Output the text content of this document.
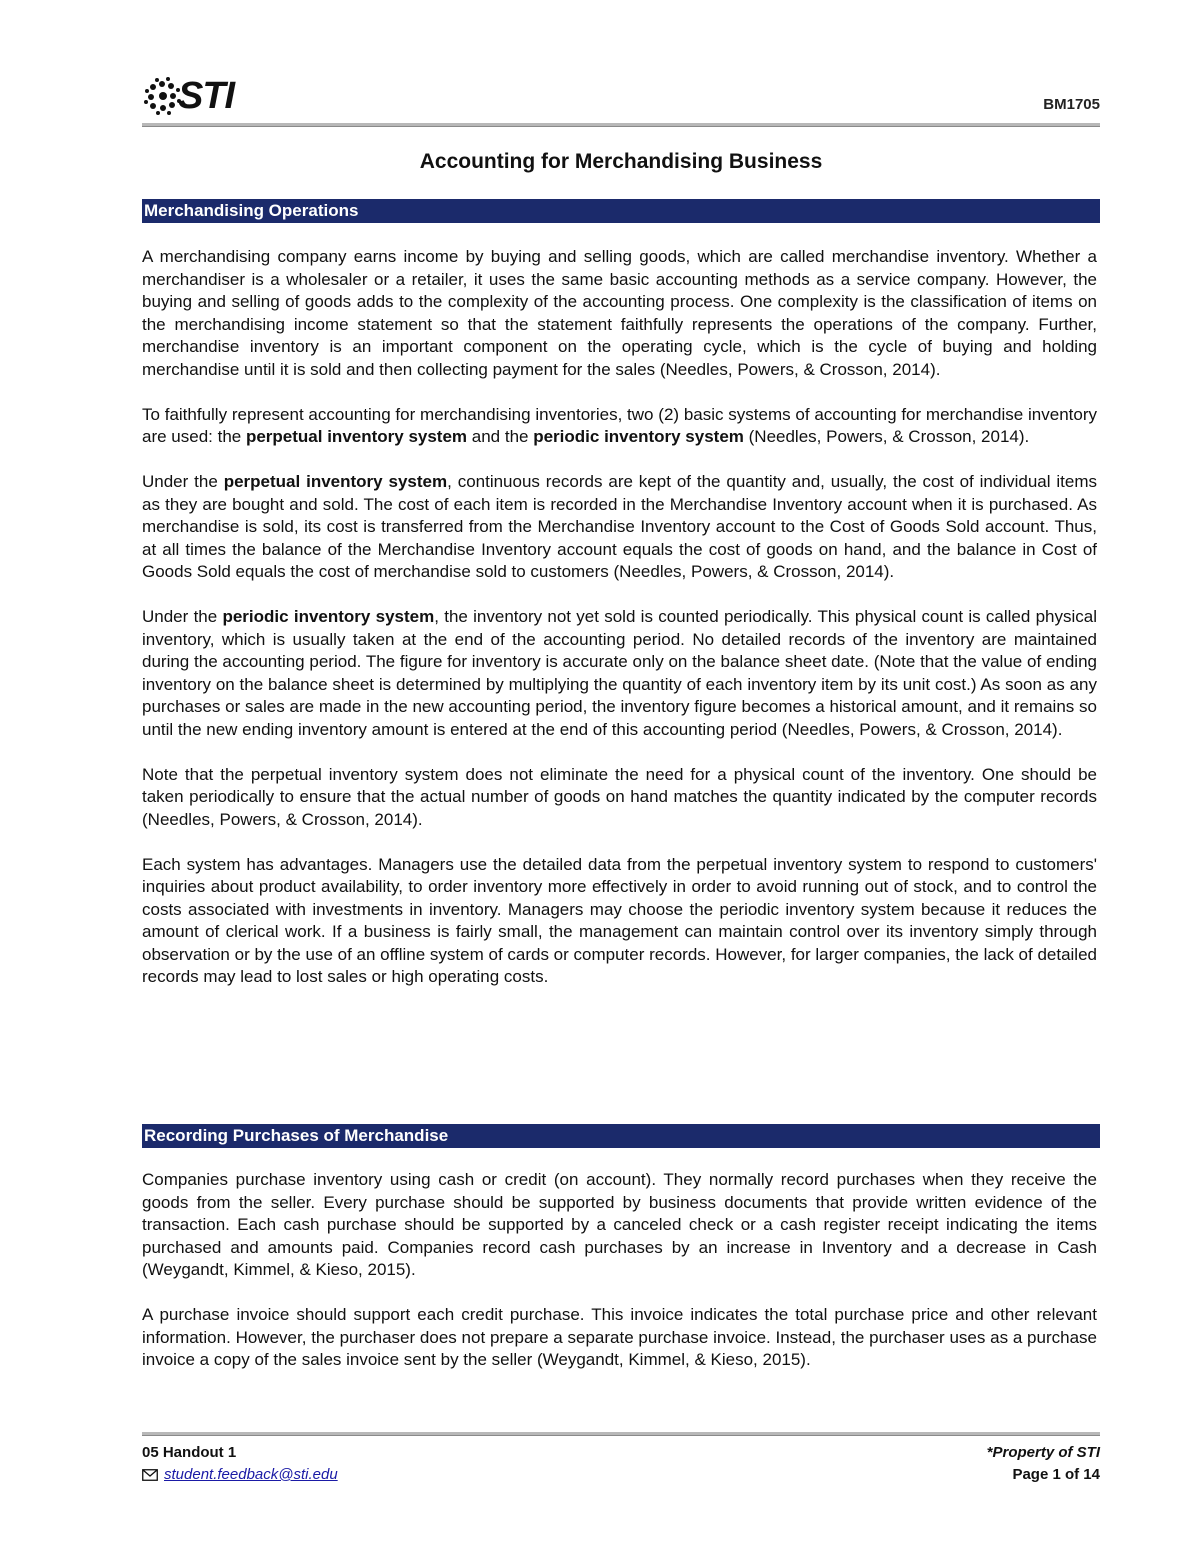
STI	BM1705
Accounting for Merchandising Business
Merchandising Operations

A merchandising company earns income by buying and selling goods, which are called merchandise inventory. Whether a merchandiser is a wholesaler or a retailer, it uses the same basic accounting methods as a service company. However, the buying and selling of goods adds to the complexity of the accounting process. One complexity is the classification of items on the merchandising income statement so that the statement faithfully represents the operations of the company. Further, merchandise inventory is an important component on the operating cycle, which is the cycle of buying and holding merchandise until it is sold and then collecting payment for the sales (Needles, Powers, & Crosson, 2014).

To faithfully represent accounting for merchandising inventories, two (2) basic systems of accounting for merchandise inventory are used: the perpetual inventory system and the periodic inventory system (Needles, Powers, & Crosson, 2014).

Under the perpetual inventory system, continuous records are kept of the quantity and, usually, the cost of individual items as they are bought and sold. The cost of each item is recorded in the Merchandise Inventory account when it is purchased. As merchandise is sold, its cost is transferred from the Merchandise Inventory account to the Cost of Goods Sold account. Thus, at all times the balance of the Merchandise Inventory account equals the cost of goods on hand, and the balance in Cost of Goods Sold equals the cost of merchandise sold to customers (Needles, Powers, & Crosson, 2014).

Under the periodic inventory system, the inventory not yet sold is counted periodically. This physical count is called physical inventory, which is usually taken at the end of the accounting period. No detailed records of the inventory are maintained during the accounting period. The figure for inventory is accurate only on the balance sheet date. (Note that the value of ending inventory on the balance sheet is determined by multiplying the quantity of each inventory item by its unit cost.) As soon as any purchases or sales are made in the new accounting period, the inventory figure becomes a historical amount, and it remains so until the new ending inventory amount is entered at the end of this accounting period (Needles, Powers, & Crosson, 2014).

Note that the perpetual inventory system does not eliminate the need for a physical count of the inventory. One should be taken periodically to ensure that the actual number of goods on hand matches the quantity indicated by the computer records (Needles, Powers, & Crosson, 2014).

Each system has advantages. Managers use the detailed data from the perpetual inventory system to respond to customers' inquiries about product availability, to order inventory more effectively in order to avoid running out of stock, and to control the costs associated with investments in inventory. Managers may choose the periodic inventory system because it reduces the amount of clerical work. If a business is fairly small, the management can maintain control over its inventory simply through observation or by the use of an offline system of cards or computer records. However, for larger companies, the lack of detailed records may lead to lost sales or high operating costs.

Recording Purchases of Merchandise

Companies purchase inventory using cash or credit (on account). They normally record purchases when they receive the goods from the seller. Every purchase should be supported by business documents that provide written evidence of the transaction. Each cash purchase should be supported by a canceled check or a cash register receipt indicating the items purchased and amounts paid. Companies record cash purchases by an increase in Inventory and a decrease in Cash (Weygandt, Kimmel, & Kieso, 2015).

A purchase invoice should support each credit purchase. This invoice indicates the total purchase price and other relevant information. However, the purchaser does not prepare a separate purchase invoice. Instead, the purchaser uses as a purchase invoice a copy of the sales invoice sent by the seller (Weygandt, Kimmel, & Kieso, 2015).

05 Handout 1
student.feedback@sti.edu
*Property of STI
Page 1 of 14
